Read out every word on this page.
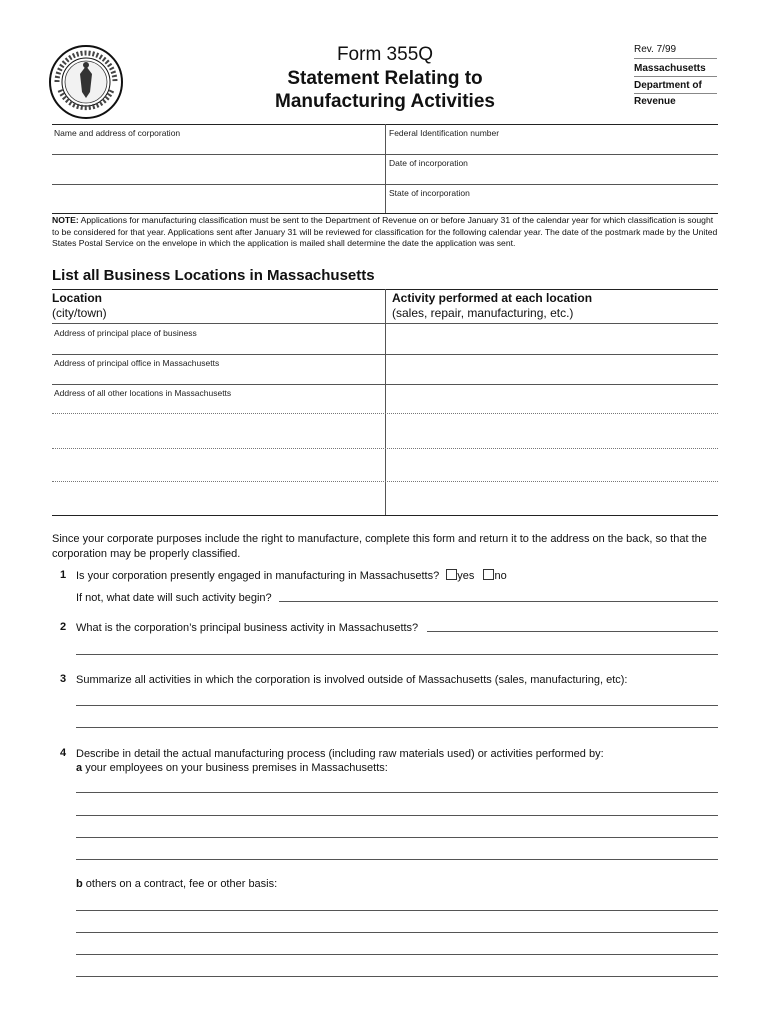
Form 355Q
Statement Relating to
Manufacturing Activities
Rev. 7/99
Massachusetts
Department of
Revenue
Name and address of corporation	Federal Identification number
Date of incorporation
State of incorporation
NOTE: Applications for manufacturing classification must be sent to the Department of Revenue on or before January 31 of the calendar year for which classification is sought to be considered for that year. Applications sent after January 31 will be reviewed for classification for the following calendar year. The date of the postmark made by the United States Postal Service on the envelope in which the application is mailed shall determine the date the application was sent.
List all Business Locations in Massachusetts
Location
(city/town)
Activity performed at each location
(sales, repair, manufacturing, etc.)
Address of principal place of business
Address of principal office in Massachusetts
Address of all other locations in Massachusetts
Since your corporate purposes include the right to manufacture, complete this form and return it to the address on the back, so that the corporation may be properly classified.
1 Is your corporation presently engaged in manufacturing in Massachusetts? yes no
If not, what date will such activity begin?
2 What is the corporation’s principal business activity in Massachusetts?
3 Summarize all activities in which the corporation is involved outside of Massachusetts (sales, manufacturing, etc):
4 Describe in detail the actual manufacturing process (including raw materials used) or activities performed by:
a your employees on your business premises in Massachusetts:
b others on a contract, fee or other basis:
